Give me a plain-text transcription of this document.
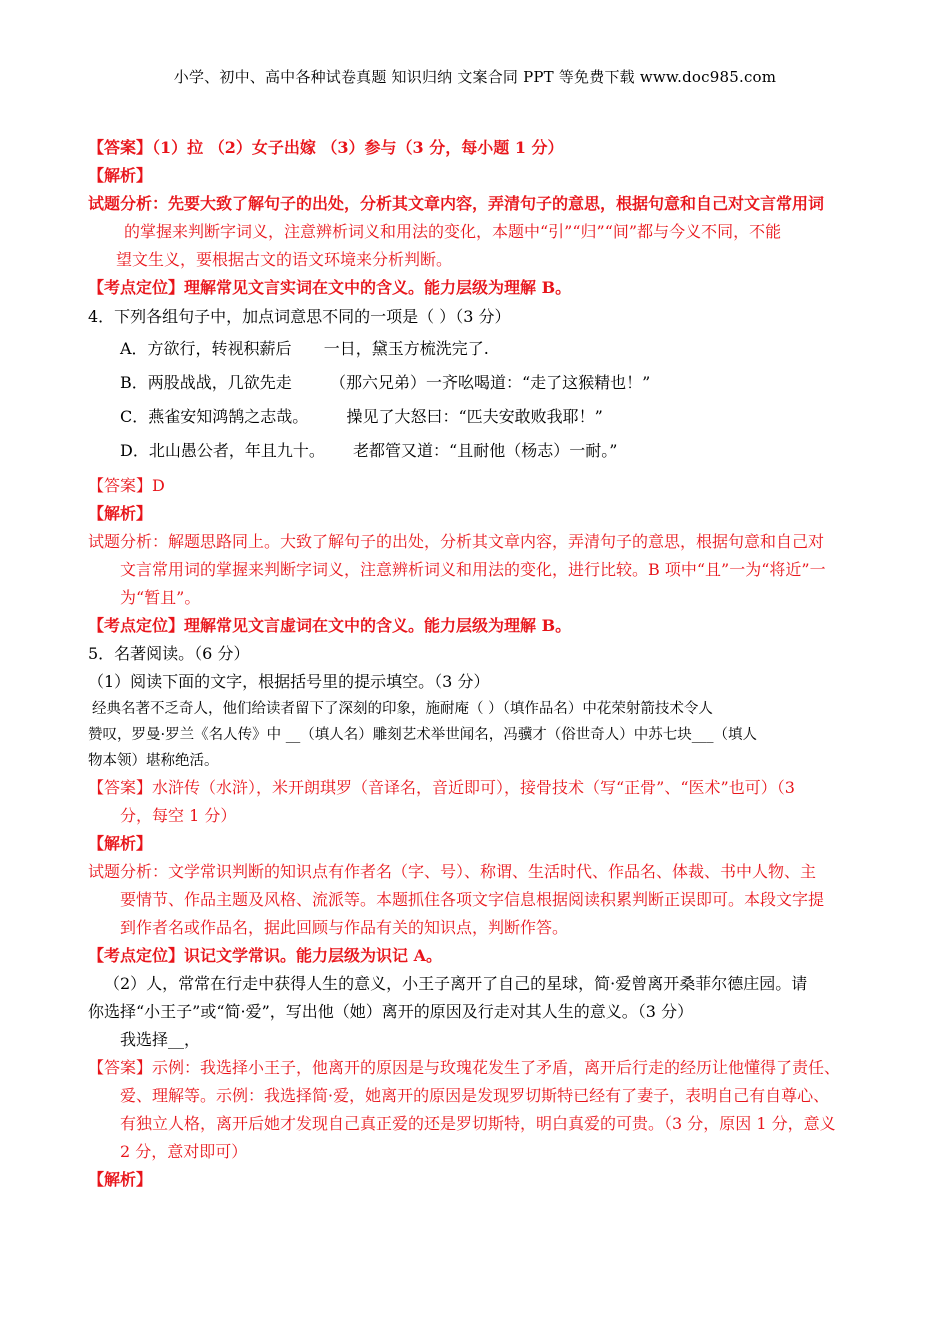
小学、初中、高中各种试卷真题 知识归纳 文案合同 PPT 等免费下载 www.doc985.com
【答案】（1）拉 （2）女子出嫁 （3）参与（3 分，每小题 1 分）
【解析】
试题分析：先要大致了解句子的出处，分析其文章内容，弄清句子的意思，根据句意和自己对文言常用词
的掌握来判断字词义，注意辨析词义和用法的变化，本题中“引”“归”“间”都与今义不同，不能
望文生义，要根据古文的语文环境来分析判断。
【考点定位】理解常见文言实词在文中的含义。能力层级为理解 B。
4．下列各组句子中，加点词意思不同的一项是（ ）（3 分）
A．方欲行，转视积薪后 一日，黛玉方梳洗完了.
B．两股战战，几欲先走 （那六兄弟）一齐吆喝道：“走了这猴精也！”
C．燕雀安知鸿鹄之志哉。 操见了大怒曰：“匹夫安敢败我耶！”
D．北山愚公者，年且九十。 老都管又道：“且耐他（杨志）一耐。”
【答案】D
【解析】
试题分析：解题思路同上。大致了解句子的出处，分析其文章内容，弄清句子的意思，根据句意和自己对
文言常用词的掌握来判断字词义，注意辨析词义和用法的变化，进行比较。B 项中“且”一为“将近”一
为“暂且”。
【考点定位】理解常见文言虚词在文中的含义。能力层级为理解 B。
5．名著阅读。（6 分）
（1）阅读下面的文字，根据括号里的提示填空。（3 分）
经典名著不乏奇人，他们给读者留下了深刻的印象，施耐庵（ ）（填作品名）中花荣射箭技术令人
赞叹，罗曼·罗兰《名人传》中 __（填人名）雕刻艺术举世闻名，冯骥才（俗世奇人）中苏七块___（填人
物本领）堪称绝活。
【答案】水浒传（水浒），米开朗琪罗（音译名，音近即可），接骨技术（写“正骨”、“医术”也可）（3
分，每空 1 分）
【解析】
试题分析：文学常识判断的知识点有作者名（字、号）、称谓、生活时代、作品名、体裁、书中人物、主
要情节、作品主题及风格、流派等。本题抓住各项文字信息根据阅读积累判断正误即可。本段文字提
到作者名或作品名，据此回顾与作品有关的知识点，判断作答。
【考点定位】识记文学常识。能力层级为识记 A。
（2）人，常常在行走中获得人生的意义，小王子离开了自己的星球，简·爱曾离开桑菲尔德庄园。请
你选择“小王子”或“简·爱”，写出他（她）离开的原因及行走对其人生的意义。（3 分）
我选择__，
【答案】示例：我选择小王子，他离开的原因是与玫瑰花发生了矛盾，离开后行走的经历让他懂得了责任、
爱、理解等。示例：我选择简·爱，她离开的原因是发现罗切斯特已经有了妻子，表明自己有自尊心、
有独立人格，离开后她才发现自己真正爱的还是罗切斯特，明白真爱的可贵。（3 分，原因 1 分，意义
2 分，意对即可）
【解析】
